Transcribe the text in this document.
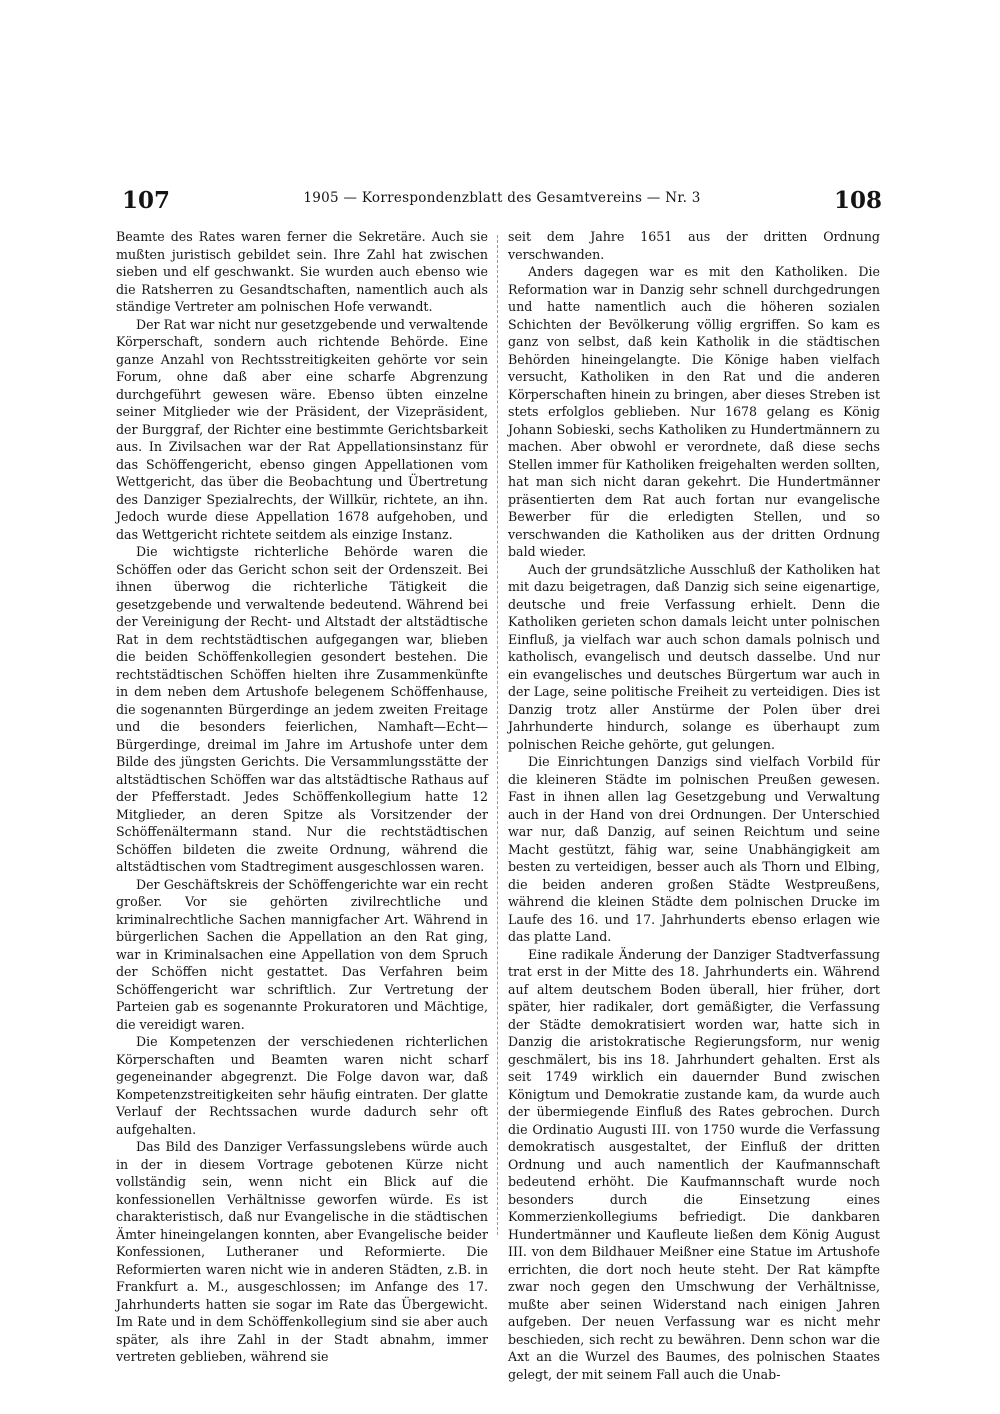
107	1905 — Korrespondenzblatt des Gesamtvereins — Nr. 3	108

Beamte des Rates waren ferner die Sekretäre. Auch sie mußten juristisch gebildet sein. Ihre Zahl hat zwischen sieben und elf geschwankt. Sie wurden auch ebenso wie die Ratsherren zu Gesandtschaften, namentlich auch als ständige Vertreter am polnischen Hofe verwandt.

Der Rat war nicht nur gesetzgebende und verwaltende Körperschaft, sondern auch richtende Behörde. Eine ganze Anzahl von Rechtsstreitigkeiten gehörte vor sein Forum, ohne daß aber eine scharfe Abgrenzung durchgeführt gewesen wäre. Ebenso übten einzelne seiner Mitglieder wie der Präsident, der Vizepräsident, der Burggraf, der Richter eine bestimmte Gerichtsbarkeit aus. In Zivilsachen war der Rat Appellationsinstanz für das Schöffengericht, ebenso gingen Appellationen vom Wettgericht, das über die Beobachtung und Übertretung des Danziger Spezialrechts, der Willkür, richtete, an ihn. Jedoch wurde diese Appellation 1678 aufgehoben, und das Wettgericht richtete seitdem als einzige Instanz.

Die wichtigste richterliche Behörde waren die Schöffen oder das Gericht schon seit der Ordenszeit. Bei ihnen überwog die richterliche Tätigkeit die gesetzgebende und verwaltende bedeutend. Während bei der Vereinigung der Recht- und Altstadt der altstädtische Rat in dem rechtstädtischen aufgegangen war, blieben die beiden Schöffenkollegien gesondert bestehen. Die rechtstädtischen Schöffen hielten ihre Zusammenkünfte in dem neben dem Artushofe belegenem Schöffenhause, die sogenannten Bürgerdinge an jedem zweiten Freitage und die besonders feierlichen, Namhaft—Echt—Bürgerdinge, dreimal im Jahre im Artushofe unter dem Bilde des jüngsten Gerichts. Die Versammlungsstätte der altstädtischen Schöffen war das altstädtische Rathaus auf der Pfefferstadt. Jedes Schöffenkollegium hatte 12 Mitglieder, an deren Spitze als Vorsitzender der Schöffenältermann stand. Nur die rechtstädtischen Schöffen bildeten die zweite Ordnung, während die altstädtischen vom Stadtregiment ausgeschlossen waren.

Der Geschäftskreis der Schöffengerichte war ein recht großer. Vor sie gehörten zivilrechtliche und kriminalrechtliche Sachen mannigfacher Art. Während in bürgerlichen Sachen die Appellation an den Rat ging, war in Kriminalsachen eine Appellation von dem Spruch der Schöffen nicht gestattet. Das Verfahren beim Schöffengericht war schriftlich. Zur Vertretung der Parteien gab es sogenannte Prokuratoren und Mächtige, die vereidigt waren.

Die Kompetenzen der verschiedenen richterlichen Körperschaften und Beamten waren nicht scharf gegeneinander abgegrenzt. Die Folge davon war, daß Kompetenzstreitigkeiten sehr häufig eintraten. Der glatte Verlauf der Rechtssachen wurde dadurch sehr oft aufgehalten.

Das Bild des Danziger Verfassungslebens würde auch in der in diesem Vortrage gebotenen Kürze nicht vollständig sein, wenn nicht ein Blick auf die konfessionellen Verhältnisse geworfen würde. Es ist charakteristisch, daß nur Evangelische in die städtischen Ämter hineingelangen konnten, aber Evangelische beider Konfessionen, Lutheraner und Reformierte. Die Reformierten waren nicht wie in anderen Städten, z.B. in Frankfurt a. M., ausgeschlossen; im Anfange des 17. Jahrhunderts hatten sie sogar im Rate das Übergewicht. Im Rate und in dem Schöffenkollegium sind sie aber auch später, als ihre Zahl in der Stadt abnahm, immer vertreten geblieben, während sie

seit dem Jahre 1651 aus der dritten Ordnung verschwanden.

Anders dagegen war es mit den Katholiken. Die Reformation war in Danzig sehr schnell durchgedrungen und hatte namentlich auch die höheren sozialen Schichten der Bevölkerung völlig ergriffen. So kam es ganz von selbst, daß kein Katholik in die städtischen Behörden hineingelangte. Die Könige haben vielfach versucht, Katholiken in den Rat und die anderen Körperschaften hinein zu bringen, aber dieses Streben ist stets erfolglos geblieben. Nur 1678 gelang es König Johann Sobieski, sechs Katholiken zu Hundertmännern zu machen. Aber obwohl er verordnete, daß diese sechs Stellen immer für Katholiken freigehalten werden sollten, hat man sich nicht daran gekehrt. Die Hundertmänner präsentierten dem Rat auch fortan nur evangelische Bewerber für die erledigten Stellen, und so verschwanden die Katholiken aus der dritten Ordnung bald wieder.

Auch der grundsätzliche Ausschluß der Katholiken hat mit dazu beigetragen, daß Danzig sich seine eigenartige, deutsche und freie Verfassung erhielt. Denn die Katholiken gerieten schon damals leicht unter polnischen Einfluß, ja vielfach war auch schon damals polnisch und katholisch, evangelisch und deutsch dasselbe. Und nur ein evangelisches und deutsches Bürgertum war auch in der Lage, seine politische Freiheit zu verteidigen. Dies ist Danzig trotz aller Anstürme der Polen über drei Jahrhunderte hindurch, solange es überhaupt zum polnischen Reiche gehörte, gut gelungen.

Die Einrichtungen Danzigs sind vielfach Vorbild für die kleineren Städte im polnischen Preußen gewesen. Fast in ihnen allen lag Gesetzgebung und Verwaltung auch in der Hand von drei Ordnungen. Der Unterschied war nur, daß Danzig, auf seinen Reichtum und seine Macht gestützt, fähig war, seine Unabhängigkeit am besten zu verteidigen, besser auch als Thorn und Elbing, die beiden anderen großen Städte Westpreußens, während die kleinen Städte dem polnischen Drucke im Laufe des 16. und 17. Jahrhunderts ebenso erlagen wie das platte Land.

Eine radikale Änderung der Danziger Stadtverfassung trat erst in der Mitte des 18. Jahrhunderts ein. Während auf altem deutschem Boden überall, hier früher, dort später, hier radikaler, dort gemäßigter, die Verfassung der Städte demokratisiert worden war, hatte sich in Danzig die aristokratische Regierungsform, nur wenig geschmälert, bis ins 18. Jahrhundert gehalten. Erst als seit 1749 wirklich ein dauernder Bund zwischen Königtum und Demokratie zustande kam, da wurde auch der übermiegende Einfluß des Rates gebrochen. Durch die Ordinatio Augusti III. von 1750 wurde die Verfassung demokratisch ausgestaltet, der Einfluß der dritten Ordnung und auch namentlich der Kaufmannschaft bedeutend erhöht. Die Kaufmannschaft wurde noch besonders durch die Einsetzung eines Kommerzienkollegiums befriedigt. Die dankbaren Hundertmänner und Kaufleute ließen dem König August III. von dem Bildhauer Meißner eine Statue im Artushofe errichten, die dort noch heute steht. Der Rat kämpfte zwar noch gegen den Umschwung der Verhältnisse, mußte aber seinen Widerstand nach einigen Jahren aufgeben. Der neuen Verfassung war es nicht mehr beschieden, sich recht zu bewähren. Denn schon war die Axt an die Wurzel des Baumes, des polnischen Staates gelegt, der mit seinem Fall auch die Unab-
